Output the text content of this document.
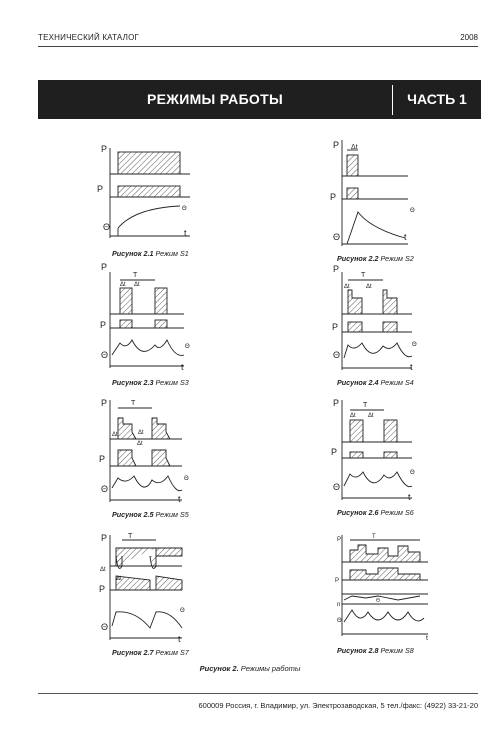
ТЕХНИЧЕСКИЙ КАТАЛОГ	2008
РЕЖИМЫ РАБОТЫ	ЧАСТЬ 1
P
P
Θ
t
Θ
P
P
Θ	t
Θ
P
P
Θ
t
Θ
P
P
Θ
t
Θ
P
P
Θ
t
Θ
P
P
Θ
t
Θ
P
P
Θ
t
Θ
P
P
n
Θ
t
Θ
Δt
T
Δt Δt
T
Δt	Δt
T
Δt	Δt
Δt
T
Δt Δt
T
Δt
Δt
T
Рисунок 2.1 Режим S1
Рисунок 2.2 Режим S2
Рисунок 2.3 Режим S3	Рисунок 2.4 Режим S4
Рисунок 2.5 Режим S5	Рисунок 2.6 Режим S6
Рисунок 2.7 Режим S7	Рисунок 2.8 Режим S8
Рисунок 2. Режимы работы
600009 Россия, г. Владимир, ул. Электрозаводская, 5 тел./факс: (4922) 33-21-20
